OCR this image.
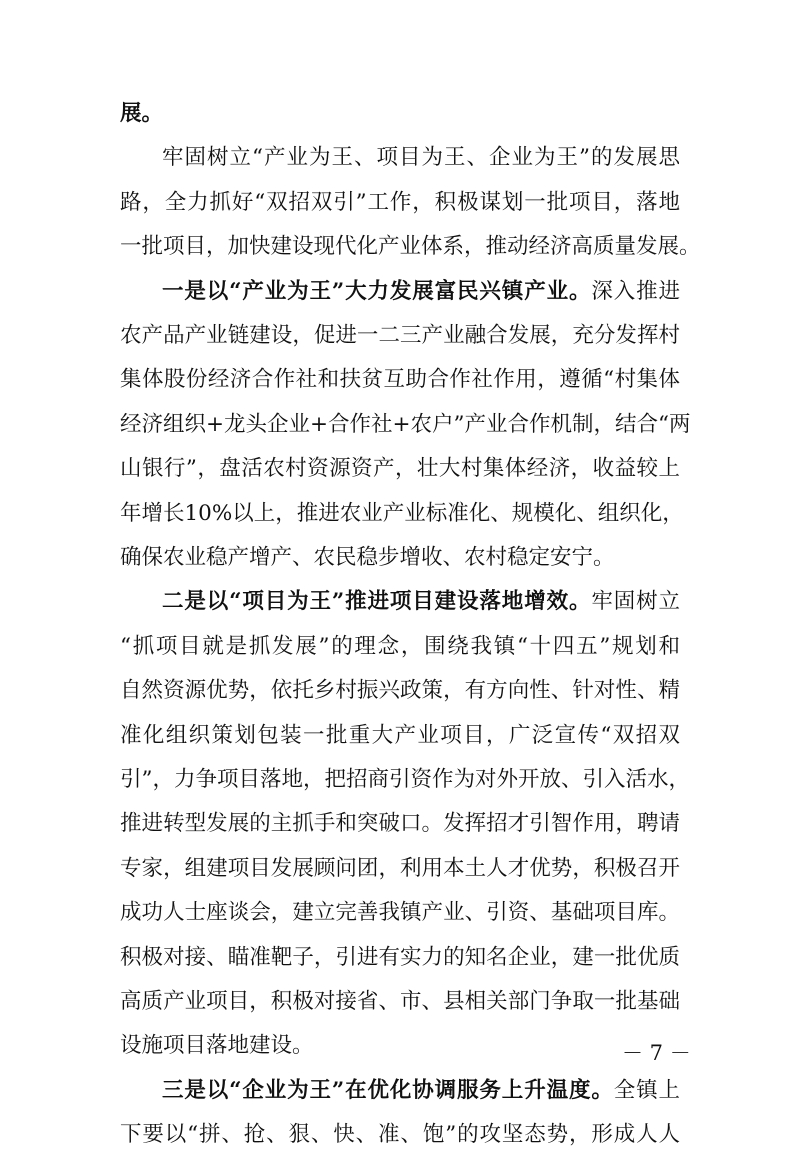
展。
牢固树立“产业为王、项目为王、企业为王”的发展思
路，全力抓好“双招双引”工作，积极谋划一批项目，落地
一批项目，加快建设现代化产业体系，推动经济高质量发展。
一是以“产业为王”大力发展富民兴镇产业。深入推进
农产品产业链建设，促进一二三产业融合发展，充分发挥村
集体股份经济合作社和扶贫互助合作社作用，遵循“村集体
经济组织+龙头企业+合作社+农户”产业合作机制，结合“两
山银行”，盘活农村资源资产，壮大村集体经济，收益较上
年增长10%以上，推进农业产业标准化、规模化、组织化，
确保农业稳产增产、农民稳步增收、农村稳定安宁。
二是以“项目为王”推进项目建设落地增效。牢固树立
“抓项目就是抓发展”的理念，围绕我镇“十四五”规划和
自然资源优势，依托乡村振兴政策，有方向性、针对性、精
准化组织策划包装一批重大产业项目，广泛宣传“双招双
引”，力争项目落地，把招商引资作为对外开放、引入活水，
推进转型发展的主抓手和突破口。发挥招才引智作用，聘请
专家，组建项目发展顾问团，利用本土人才优势，积极召开
成功人士座谈会，建立完善我镇产业、引资、基础项目库。
积极对接、瞄准靶子，引进有实力的知名企业，建一批优质
高质产业项目，积极对接省、市、县相关部门争取一批基础
设施项目落地建设。
三是以“企业为王”在优化协调服务上升温度。全镇上
下要以“拼、抢、狠、快、准、饱”的攻坚态势，形成人人
－ 7 －
